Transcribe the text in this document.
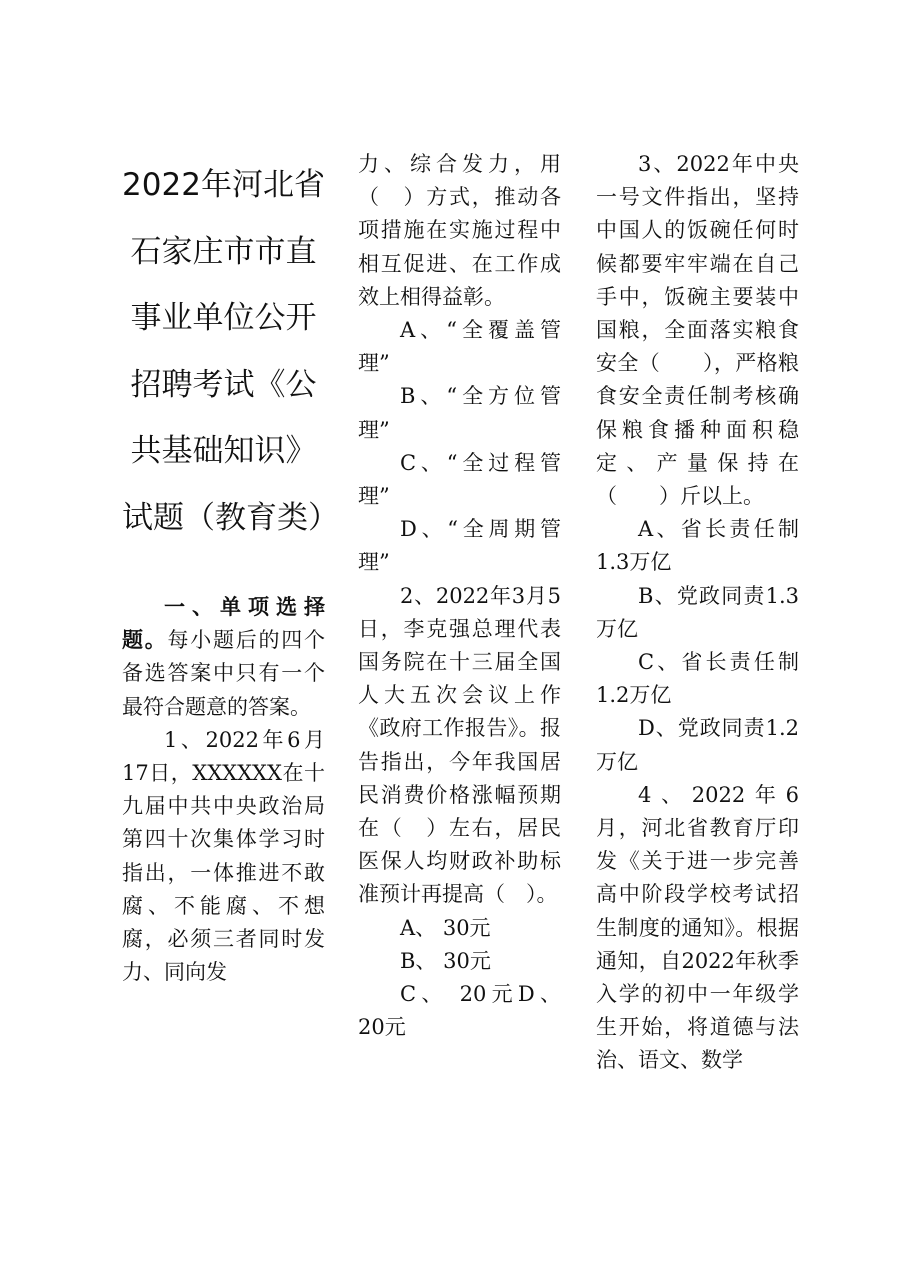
2022年河北省石家庄市市直事业单位公开招聘考试《公共基础知识》试题（教育类）

一、单项选择题。每小题后的四个备选答案中只有一个最符合题意的答案。

1、2022年6月17日，XXXXXX在十九届中共中央政治局第四十次集体学习时指出，一体推进不敢腐、不能腐、不想腐，必须三者同时发力、同向发

力、综合发力，用（　）方式，推动各项措施在实施过程中相互促进、在工作成效上相得益彰。

A、“全覆盖管理”

B、“全方位管理”

C、“全过程管理”

D、“全周期管理”

2、2022年3月5日，李克强总理代表国务院在十三届全国人大五次会议上作《政府工作报告》。报告指出，今年我国居民消费价格涨幅预期在（　）左右，居民医保人均财政补助标准预计再提高（　）。

A、 30元

B、 30元

C、 20元D、 20元

3、2022年中央一号文件指出，坚持中国人的饭碗任何时候都要牢牢端在自己手中，饭碗主要装中国粮，全面落实粮食安全（　　），严格粮食安全责任制考核确保粮食播种面积稳定、产量保持在（　　）斤以上。

A、省长责任制1.3万亿

B、党政同责1.3万亿

C、省长责任制1.2万亿

D、党政同责1.2万亿

4、2022年6月，河北省教育厅印发《关于进一步完善高中阶段学校考试招生制度的通知》。根据通知，自2022年秋季入学的初中一年级学生开始，将道德与法治、语文、数学
